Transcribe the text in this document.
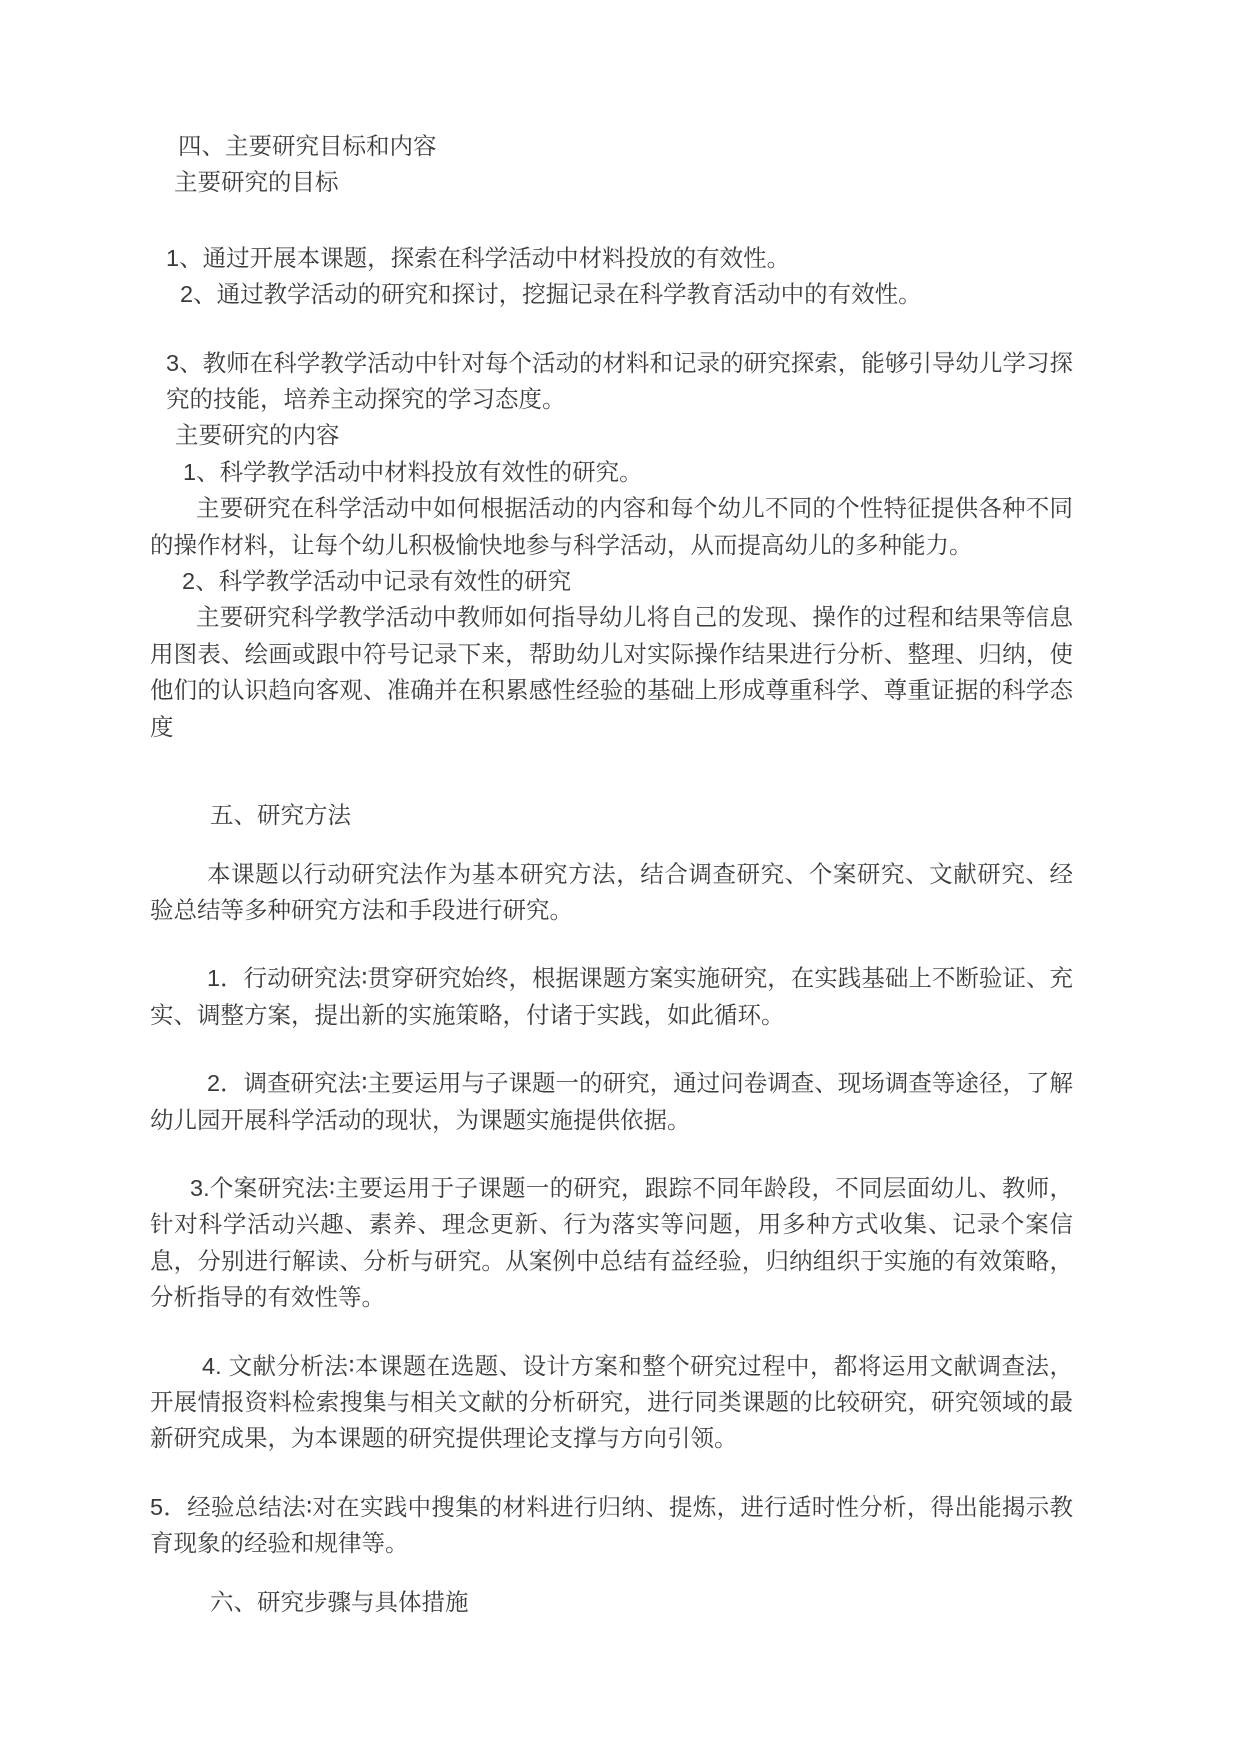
四、主要研究目标和内容

主要研究的目标

1、通过开展本课题，探索在科学活动中材料投放的有效性。

2、通过教学活动的研究和探讨，挖掘记录在科学教育活动中的有效性。

3、教师在科学教学活动中针对每个活动的材料和记录的研究探索，能够引导幼儿学习探究的技能，培养主动探究的学习态度。

主要研究的内容

1、科学教学活动中材料投放有效性的研究。

主要研究在科学活动中如何根据活动的内容和每个幼儿不同的个性特征提供各种不同的操作材料，让每个幼儿积极愉快地参与科学活动，从而提高幼儿的多种能力。

2、科学教学活动中记录有效性的研究

主要研究科学教学活动中教师如何指导幼儿将自己的发现、操作的过程和结果等信息用图表、绘画或跟中符号记录下来，帮助幼儿对实际操作结果进行分析、整理、归纳，使他们的认识趋向客观、准确并在积累感性经验的基础上形成尊重科学、尊重证据的科学态度

五、研究方法

本课题以行动研究法作为基本研究方法，结合调查研究、个案研究、文献研究、经验总结等多种研究方法和手段进行研究。

1．行动研究法∶贯穿研究始终，根据课题方案实施研究，在实践基础上不断验证、充实、调整方案，提出新的实施策略，付诸于实践，如此循环。

2．调查研究法∶主要运用与子课题一的研究，通过问卷调查、现场调查等途径，了解幼儿园开展科学活动的现状，为课题实施提供依据。

3.个案研究法∶主要运用于子课题一的研究，跟踪不同年龄段，不同层面幼儿、教师，针对科学活动兴趣、素养、理念更新、行为落实等问题，用多种方式收集、记录个案信息，分别进行解读、分析与研究。从案例中总结有益经验，归纳组织于实施的有效策略，分析指导的有效性等。

4. 文献分析法∶本课题在选题、设计方案和整个研究过程中，都将运用文献调查法，开展情报资料检索搜集与相关文献的分析研究，进行同类课题的比较研究，研究领域的最新研究成果，为本课题的研究提供理论支撑与方向引领。

5．经验总结法∶对在实践中搜集的材料进行归纳、提炼，进行适时性分析，得出能揭示教育现象的经验和规律等。

六、研究步骤与具体措施
